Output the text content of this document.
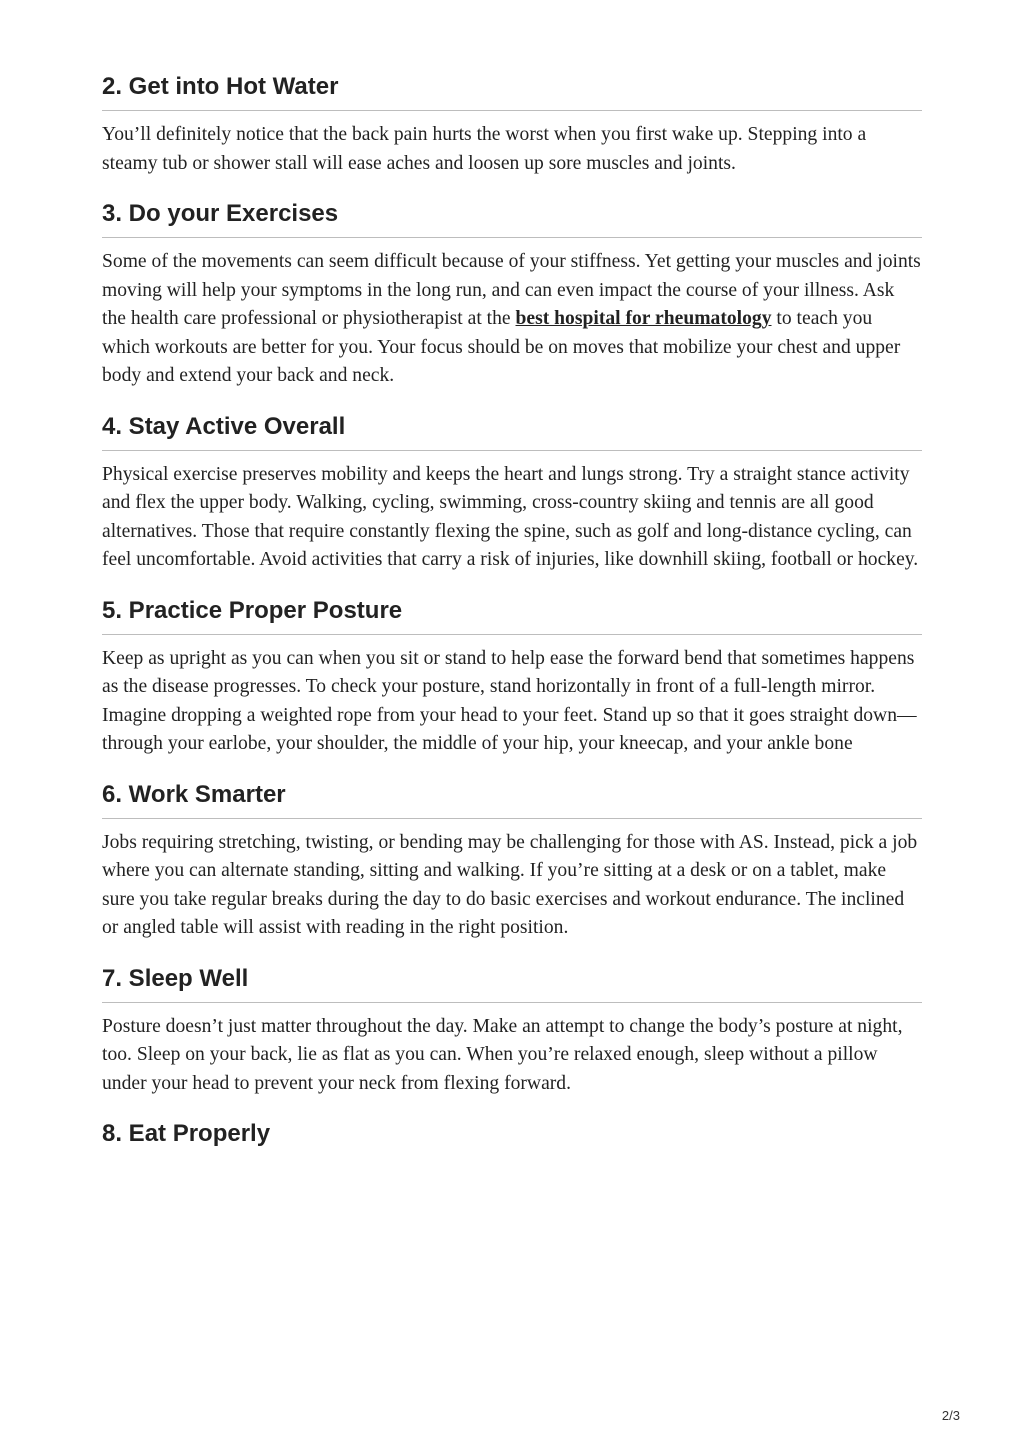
2. Get into Hot Water

You’ll definitely notice that the back pain hurts the worst when you first wake up. Stepping into a steamy tub or shower stall will ease aches and loosen up sore muscles and joints.

3. Do your Exercises

Some of the movements can seem difficult because of your stiffness. Yet getting your muscles and joints moving will help your symptoms in the long run, and can even impact the course of your illness. Ask the health care professional or physiotherapist at the best hospital for rheumatology to teach you which workouts are better for you. Your focus should be on moves that mobilize your chest and upper body and extend your back and neck.

4. Stay Active Overall

Physical exercise preserves mobility and keeps the heart and lungs strong. Try a straight stance activity and flex the upper body. Walking, cycling, swimming, cross-country skiing and tennis are all good alternatives. Those that require constantly flexing the spine, such as golf and long-distance cycling, can feel uncomfortable. Avoid activities that carry a risk of injuries, like downhill skiing, football or hockey.

5. Practice Proper Posture

Keep as upright as you can when you sit or stand to help ease the forward bend that sometimes happens as the disease progresses. To check your posture, stand horizontally in front of a full-length mirror. Imagine dropping a weighted rope from your head to your feet. Stand up so that it goes straight down—through your earlobe, your shoulder, the middle of your hip, your kneecap, and your ankle bone

6. Work Smarter

Jobs requiring stretching, twisting, or bending may be challenging for those with AS. Instead, pick a job where you can alternate standing, sitting and walking. If you’re sitting at a desk or on a tablet, make sure you take regular breaks during the day to do basic exercises and workout endurance. The inclined or angled table will assist with reading in the right position.

7. Sleep Well

Posture doesn’t just matter throughout the day. Make an attempt to change the body’s posture at night, too. Sleep on your back, lie as flat as you can. When you’re relaxed enough, sleep without a pillow under your head to prevent your neck from flexing forward.

8. Eat Properly
2/3
